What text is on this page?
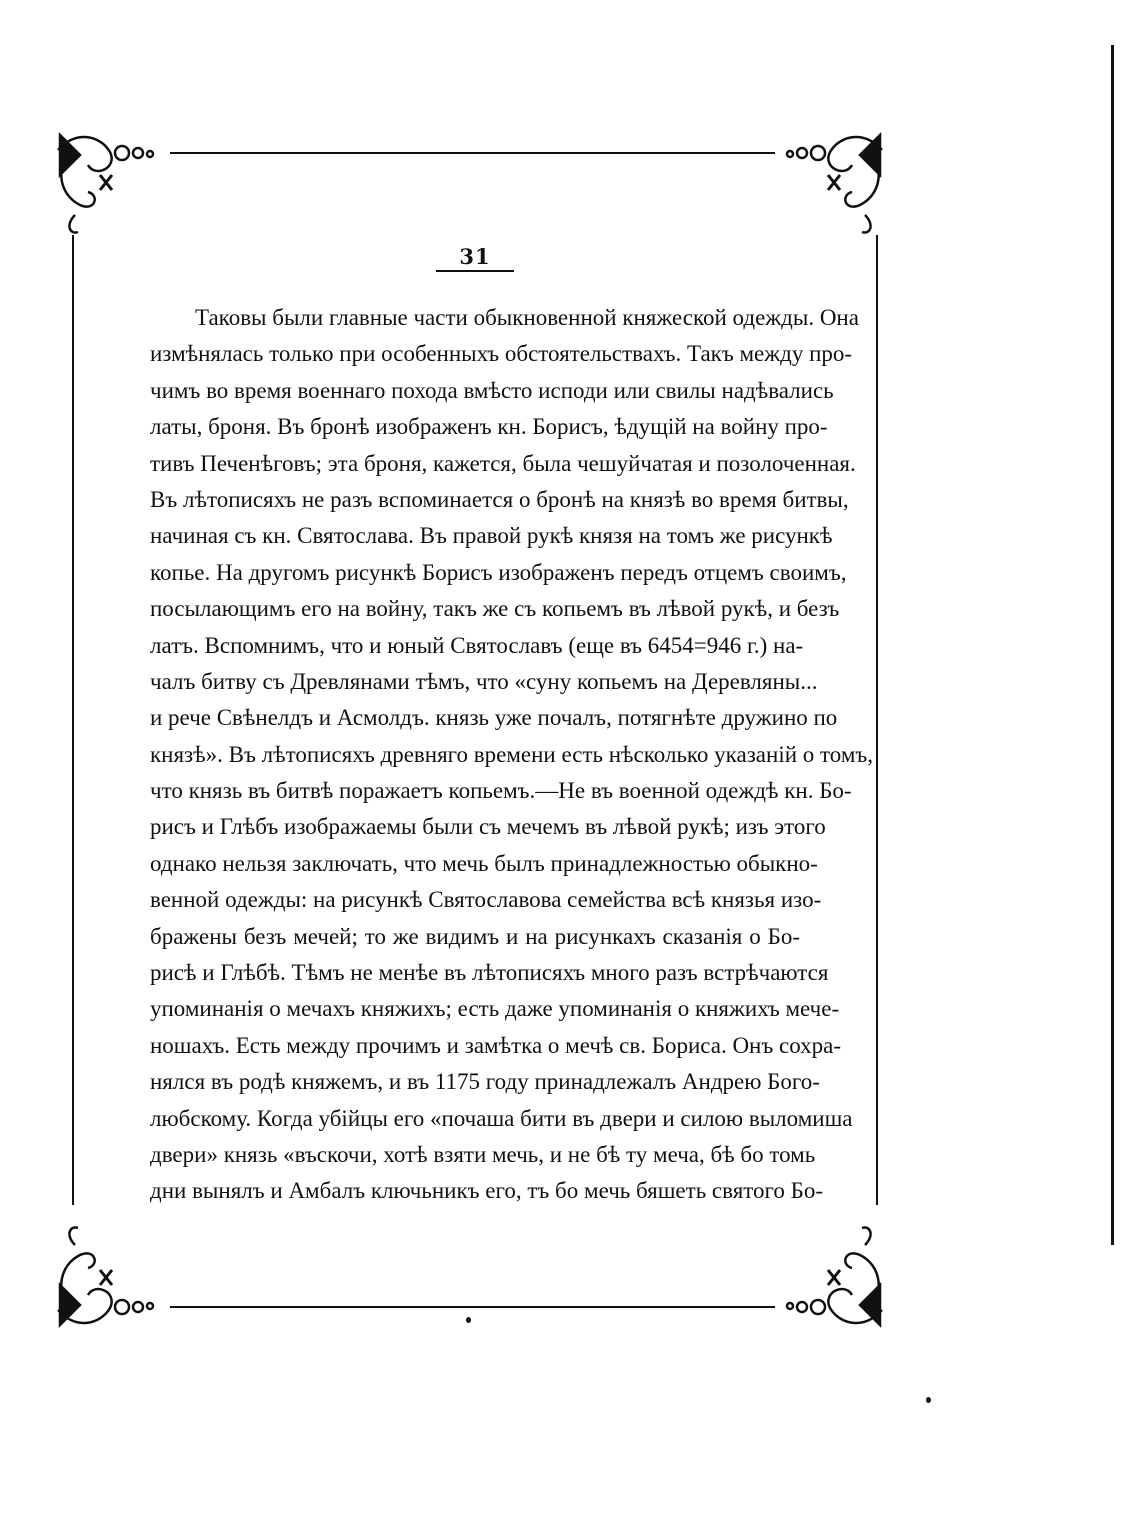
31
Таковы были главные части обыкновенной княжеской одежды. Она
измѣнялась только при особенныхъ обстоятельствахъ. Такъ между про-
чимъ во время военнаго похода вмѣсто исподи или свилы надѣвались
латы, броня. Въ бронѣ изображенъ кн. Борисъ, ѣдущій на войну про-
тивъ Печенѣговъ; эта броня, кажется, была чешуйчатая и позолоченная.
Въ лѣтописяхъ не разъ вспоминается о бронѣ на князѣ во время битвы,
начиная съ кн. Святослава. Въ правой рукѣ князя на томъ же рисункѣ
копье. На другомъ рисункѣ Борисъ изображенъ передъ отцемъ своимъ,
посылающимъ его на войну, такъ же съ копьемъ въ лѣвой рукѣ, и безъ
латъ. Вспомнимъ, что и юный Святославъ (еще въ 6454=946 г.) на-
чалъ битву съ Древлянами тѣмъ, что «суну копьемъ на Деревляны...
и рече Свѣнелдъ и Асмолдъ. князь уже почалъ, потягнѣте дружино по
князѣ». Въ лѣтописяхъ древняго времени есть нѣсколько указаній о томъ,
что князь въ битвѣ поражаетъ копьемъ.—Не въ военной одеждѣ кн. Бо-
рисъ и Глѣбъ изображаемы были съ мечемъ въ лѣвой рукѣ; изъ этого
однако нельзя заключать, что мечь былъ принадлежностью обыкно-
венной одежды: на рисункѣ Святославова семейства всѣ князья изо-
бражены безъ мечей; то же видимъ и на рисункахъ сказанія о Бо-
рисѣ и Глѣбѣ. Тѣмъ не менѣе въ лѣтописяхъ много разъ встрѣчаются
упоминанія о мечахъ княжихъ; есть даже упоминанія о княжихъ мече-
ношахъ. Есть между прочимъ и замѣтка о мечѣ св. Бориса. Онъ сохра-
нялся въ родѣ княжемъ, и въ 1175 году принадлежалъ Андрею Бого-
любскому. Когда убійцы его «почаша бити въ двери и силою выломиша
двери» князь «въскочи, хотѣ взяти мечь, и не бѣ ту меча, бѣ бо томь
дни вынялъ и Амбалъ ключьникъ его, тъ бо мечь бяшеть святого Бо-
